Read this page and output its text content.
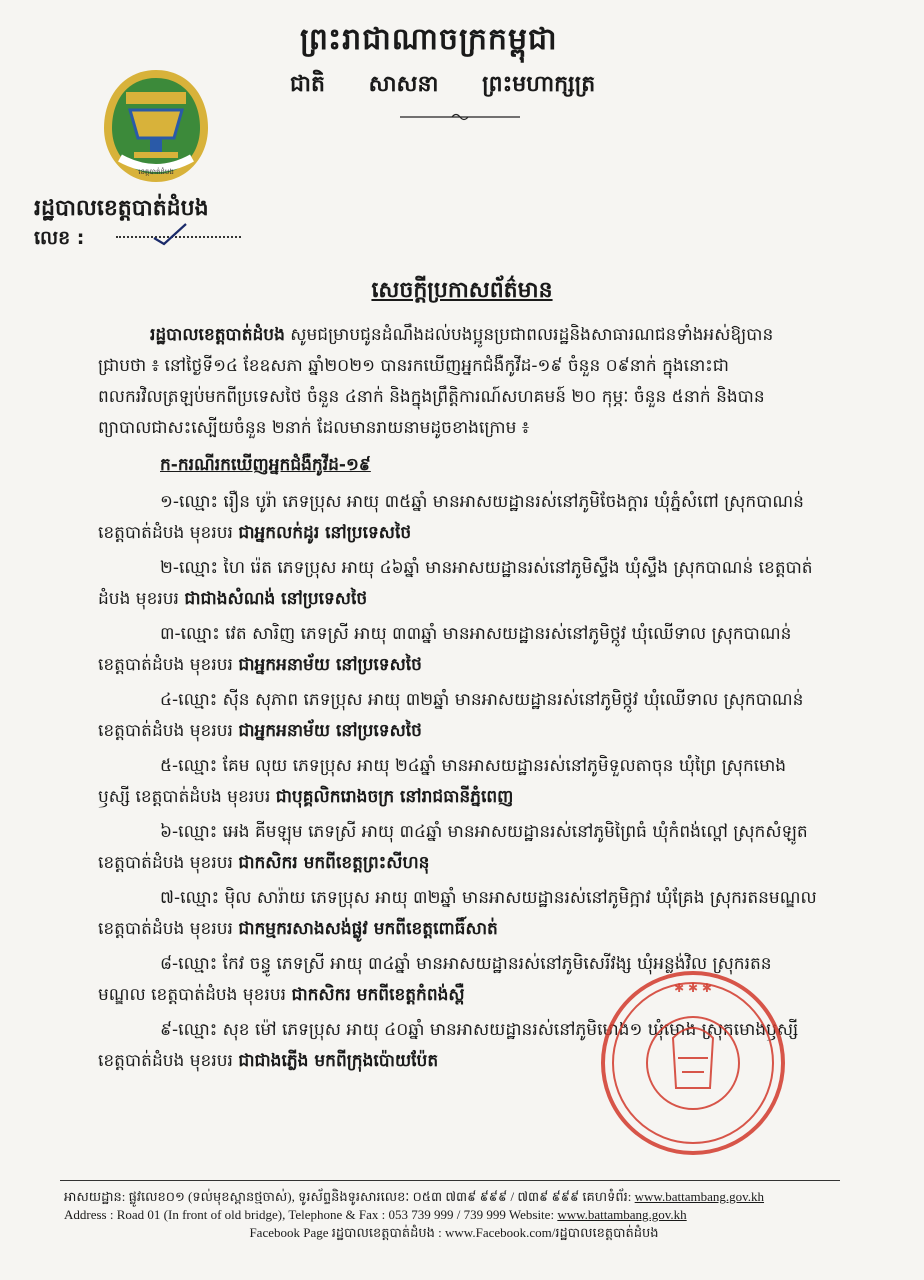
ព្រះរាជាណាចក្រកម្ពុជា
ជាតិ សាសនា ព្រះមហាក្សត្រ
ខេត្តបាត់ដំបង
រដ្ឋបាលខេត្តបាត់ដំបង
លេខ :
សេចក្តីប្រកាសព័ត៌មាន

រដ្ឋបាលខេត្តបាត់ដំបង សូមជម្រាបជូនដំណឹងដល់បងប្អូនប្រជាពលរដ្ឋនិងសាធារណជនទាំងអស់ឱ្យបានជ្រាបថា ៖ នៅថ្ងៃទី១៤ ខែឧសភា ឆ្នាំ២០២១ បានរកឃើញអ្នកជំងឺកូវីដ-១៩ ចំនួន ០៩នាក់ ក្នុងនោះជាពលករវិលត្រឡប់មកពីប្រទេសថៃ ចំនួន ៤នាក់ និងក្នុងព្រឹត្តិការណ៍សហគមន៍ ២០ កុម្ភៈ ចំនួន ៥នាក់ និងបានព្យាបាលជាសះស្បើយចំនួន ២នាក់ ដែលមានរាយនាមដូចខាងក្រោម ៖

ក-ករណីរកឃើញអ្នកជំងឺកូវីដ-១៩
១-ឈ្មោះ រឿន បូរ៉ា ភេទប្រុស អាយុ ៣៥ឆ្នាំ មានអាសយដ្ឋានរស់នៅភូមិចែងក្តារ ឃុំភ្នំសំពៅ ស្រុកបាណន់ ខេត្តបាត់ដំបង មុខរបរ ជាអ្នកលក់ដូរ នៅប្រទេសថៃ
២-ឈ្មោះ ហៃ រ៉េត ភេទប្រុស អាយុ ៤៦ឆ្នាំ មានអាសយដ្ឋានរស់នៅភូមិស្ទឹង ឃុំស្ទឹង ស្រុកបាណន់ ខេត្តបាត់ដំបង មុខរបរ ជាជាងសំណង់ នៅប្រទេសថៃ
៣-ឈ្មោះ វេត សារិញ ភេទស្រី អាយុ ៣៣ឆ្នាំ មានអាសយដ្ឋានរស់នៅភូមិថ្កូវ ឃុំឈើទាល ស្រុកបាណន់ ខេត្តបាត់ដំបង មុខរបរ ជាអ្នកអនាម័យ នៅប្រទេសថៃ
៤-ឈ្មោះ ស៊ីន សុភាព ភេទប្រុស អាយុ ៣២ឆ្នាំ មានអាសយដ្ឋានរស់នៅភូមិថ្កូវ ឃុំឈើទាល ស្រុកបាណន់ ខេត្តបាត់ដំបង មុខរបរ ជាអ្នកអនាម័យ នៅប្រទេសថៃ
៥-ឈ្មោះ គែម លុយ ភេទប្រុស អាយុ ២៤ឆ្នាំ មានអាសយដ្ឋានរស់នៅភូមិទួលតាចុន ឃុំព្រៃ ស្រុកមោងឫស្សី ខេត្តបាត់ដំបង មុខរបរ ជាបុគ្គលិករោងចក្រ នៅរាជធានីភ្នំពេញ
៦-ឈ្មោះ អេង គីមឡុម ភេទស្រី អាយុ ៣៤ឆ្នាំ មានអាសយដ្ឋានរស់នៅភូមិព្រៃធំ ឃុំកំពង់ល្ពៅ ស្រុកសំឡូត ខេត្តបាត់ដំបង មុខរបរ ជាកសិករ មកពីខេត្តព្រះសីហនុ
៧-ឈ្មោះ ម៉ិល សារ៉ាយ ភេទប្រុស អាយុ ៣២ឆ្នាំ មានអាសយដ្ឋានរស់នៅភូមិក្អាវ ឃុំគ្រែង ស្រុករតនមណ្ឌល ខេត្តបាត់ដំបង មុខរបរ ជាកម្មករសាងសង់ផ្លូវ មកពីខេត្តពោធិ៍សាត់
៨-ឈ្មោះ កែវ ចន្ធូ ភេទស្រី អាយុ ៣៤ឆ្នាំ មានអាសយដ្ឋានរស់នៅភូមិសេរីវង្ស ឃុំអន្លង់វិល ស្រុករតនមណ្ឌល ខេត្តបាត់ដំបង មុខរបរ ជាកសិករ មកពីខេត្តកំពង់ស្ពឺ
៩-ឈ្មោះ សុខ ម៉ៅ ភេទប្រុស អាយុ ៤០ឆ្នាំ មានអាសយដ្ឋានរស់នៅភូមិមោង១ ឃុំមោង ស្រុកមោងឫស្សី ខេត្តបាត់ដំបង មុខរបរ ជាជាងភ្លើង មកពីក្រុងប៉ោយប៉ែត
✱ ✱ ✱
អាសយដ្ឋាន: ផ្លូវលេខ០១ (ទល់មុខស្ពានថ្មចាស់), ទូរស័ព្ទនិងទូរសារលេខៈ ០៥៣ ៧៣៩ ៩៩៩ / ៧៣៩ ៩៩៩ គេហទំព័រ: www.battambang.gov.kh
Address : Road 01 (In front of old bridge), Telephone & Fax : 053 739 999 / 739 999 Website: www.battambang.gov.kh
Facebook Page រដ្ឋបាលខេត្តបាត់ដំបង : www.Facebook.com/រដ្ឋបាលខេត្តបាត់ដំបង
